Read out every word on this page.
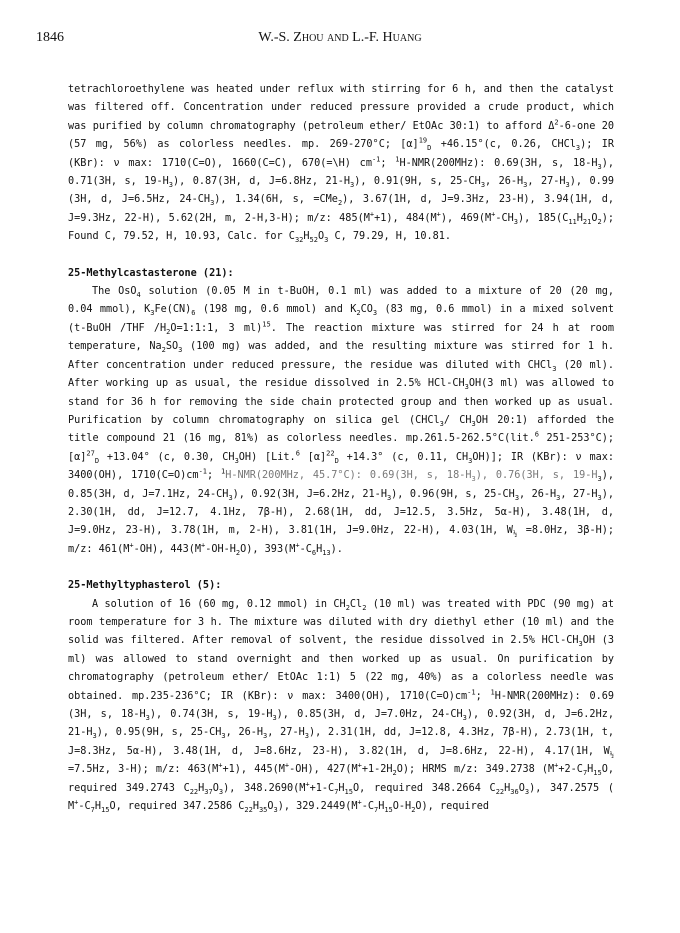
1846	W.-S. Zhou and L.-F. Huang

tetrachloroethylene was heated under reflux with stirring for 6 h, and then the catalyst was filtered off. Concentration under reduced pressure provided a crude product, which was purified by column chromatography (petroleum ether/ EtOAc 30:1) to afford $\Delta^2-6$-one 20 (57 mg, 56%) as colorless needles. mp. 269-270°C; $[\alpha]^{19}_D +46.15^\circ(c$, 0.26, CHCl$_3$); IR (KBr): ν max: 1710(C=O), 1660(C=C), 670(=\H) $cm^{-1}$; $^1$H-NMR(200MHz): 0.69(3H, s, $18-H_3$), 0.71(3H, s, $19-H_3$), 0.87(3H, d, J=6.8Hz, $21-H_3$), 0.91(9H, s, $25-CH_3$, $26-H_3$, $27-H_3$), 0.99 (3H, d, J=6.5Hz, $24-CH_3$), 1.34(6H, s, =CMe$_2$), 3.67(1H, d, J=9.3Hz, 23-H), 3.94(1H, d, J=9.3Hz, 22-H), 5.62(2H, m, 2-H,3-H); m/z: 485(M++1), 484(M+), $469(M^+-CH_3)$, $185(C_{11}H_{21}O_2)$; Found C, 79.52, H, 10.93, Calc. for $C_{32}H_{52}O_3$ C, 79.29, H, 10.81.

25-Methylcastasterone (21):

The OsO$_4$ solution (0.05 M in t-BuOH, 0.1 ml) was added to a mixture of 20 (20 mg, 0.04 mmol), $K_3Fe(CN)_6$ (198 mg, 0.6 mmol) and $K_2CO_3$ (83 mg, 0.6 mmol) in a mixed solvent (t-BuOH /THF $/H_2O=1:1:1$, 3 ml)$^{15}$. The reaction mixture was stirred for 24 h at room temperature, $Na_2SO_3$ (100 mg) was added, and the resulting mixture was stirred for 1 h. After concentration under reduced pressure, the residue was diluted with CHCl$_3$ (20 ml). After working up as usual, the residue dissolved in 2.5% HCl-$CH_3OH(3$ ml) was allowed to stand for 36 h for removing the side chain protected group and then worked up as usual. Purification by column chromatography on silica gel (CHCl$_3$/ $CH_3OH$ 20:1) afforded the title compound 21 (16 mg, 81%) as colorless needles. mp.261.5-262.5°C(lit.$^6$ 251-253°C); $[\alpha]^{27}_D +13.04^\circ$ (c, 0.30, $CH_3OH$) [Lit.$^6$ $[\alpha]^{22}_D +14.3^\circ$ (c, 0.11, $CH_3OH$)]; IR (KBr): ν max: 3400(OH), $1710(C=O)cm^{-1}$; $^1$H-NMR(200MHz, 45.7°C): 0.69(3H, s, $18-H_3$), 0.76(3H, s, $19-H_3$), 0.85(3H, d, J=7.1Hz, $24-CH_3$), 0.92(3H, J=6.2Hz, $21-H_3$), 0.96(9H, s, $25-CH_3$, $26-H_3$, $27-H_3$), 2.30(1H, dd, J=12.7, 4.1Hz, 7β-H), 2.68(1H, dd, J=12.5, 3.5Hz, 5α-H), 3.48(1H, d, J=9.0Hz, 23-H), 3.78(1H, m, 2-H), 3.81(1H, J=9.0Hz, 22-H), 4.03(1H, $W_{\frac{1}{2}} =8.0Hz$, 3β-H); m/z: 461(M+-OH), $443(M^+-OH-H_2O)$, $393(M^+-C_6H_{13})$.

25-Methyltyphasterol (5):

A solution of 16 (60 mg, 0.12 mmol) in $CH_2Cl_2$ (10 ml) was treated with PDC (90 mg) at room temperature for 3 h. The mixture was diluted with dry diethyl ether (10 ml) and the solid was filtered. After removal of solvent, the residue dissolved in 2.5% HCl-$CH_3OH$ (3 ml) was allowed to stand overnight and then worked up as usual. On purification by chromatography (petroleum ether/ EtOAc 1:1) 5 (22 mg, 40%) as a colorless needle was obtained. mp.235-236°C; IR (KBr): ν max: 3400(OH), $1710(C=O)cm^{-1}$; $^1$H-NMR(200MHz): 0.69 (3H, s, $18-H_3$), 0.74(3H, s, $19-H_3$), 0.85(3H, d, J=7.0Hz, $24-CH_3$), 0.92(3H, d, J=6.2Hz, $21-H_3$), 0.95(9H, s, $25-CH_3$, $26-H_3$, $27-H_3$), 2.31(1H, dd, J=12.8, 4.3Hz, 7β-H), 2.73(1H, t, J=8.3Hz, 5α-H), 3.48(1H, d, J=8.6Hz, 23-H), 3.82(1H, d, J=8.6Hz, 22-H), 4.17(1H, $W_{\frac{1}{2}} =7.5Hz$, 3-H); m/z: 463(M++1), 445(M+-OH), $427(M^++1-2H_2O)$; HRMS m/z: 349.2738 ($M^++2-C_7H_{15}O$, required 349.2743 $C_{22}H_{37}O_3$), $348.2690(M^++1-C_7H_{15}O$, required 348.2664 $C_{22}H_{36}O_3$), 347.2575 ( $M^+-C_7H_{15}O$, required 347.2586 $C_{22}H_{35}O_3$), $329.2449(M^+-C_7H_{15}O-H_2O)$, required
